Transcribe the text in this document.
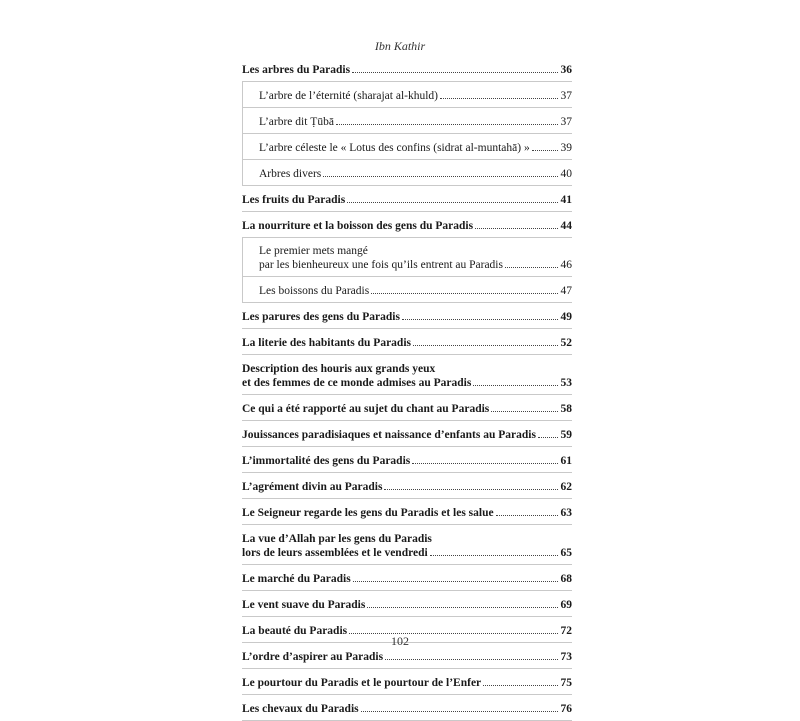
Ibn Kathir
Les arbres du Paradis	36
L’arbre de l’éternité (sharajat al-khuld)	37
L’arbre dit Ṭūbā	37
L’arbre céleste le « Lotus des confins (sidrat al-muntahā) »	39
Arbres divers	40
Les fruits du Paradis	41
La nourriture et la boisson des gens du Paradis	44
Le premier mets mangé
par les bienheureux une fois qu’ils entrent au Paradis	46
Les boissons du Paradis	47
Les parures des gens du Paradis	49
La literie des habitants du Paradis	52
Description des houris aux grands yeux
et des femmes de ce monde admises au Paradis	53
Ce qui a été rapporté au sujet du chant au Paradis	58
Jouissances paradisiaques et naissance d’enfants au Paradis 59
L’immortalité des gens du Paradis	61
L’agrément divin au Paradis	62
Le Seigneur regarde les gens du Paradis et les salue	63
La vue d’Allah par les gens du Paradis
lors de leurs assemblées et le vendredi	65
Le marché du Paradis	68
Le vent suave du Paradis	69
La beauté du Paradis	72
L’ordre d’aspirer au Paradis	73
Le pourtour du Paradis et le pourtour de l’Enfer	75
Les chevaux du Paradis	76
102
